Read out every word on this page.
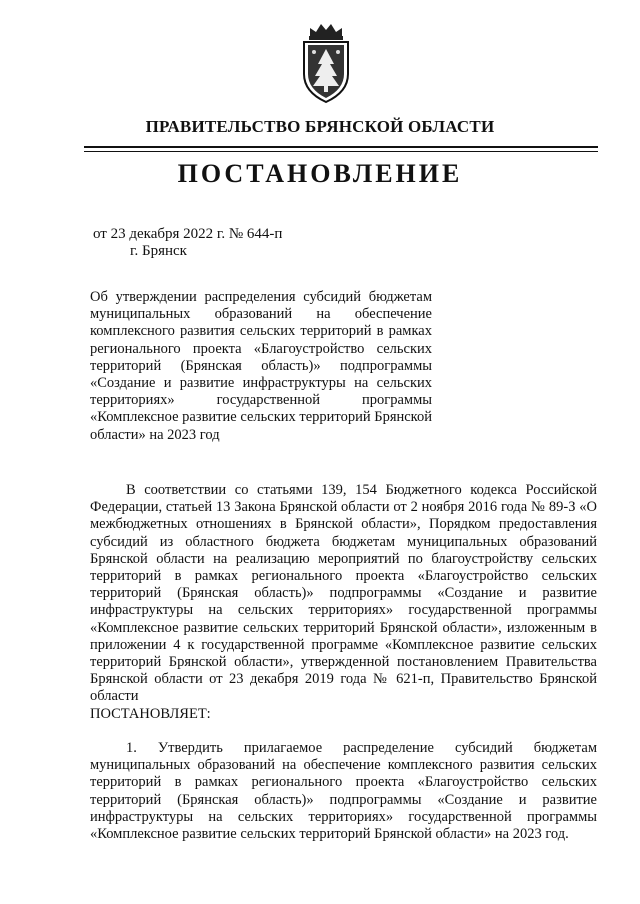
ПРАВИТЕЛЬСТВО БРЯНСКОЙ ОБЛАСТИ
ПОСТАНОВЛЕНИЕ
от 23 декабря 2022 г. № 644-п
г. Брянск
Об утверждении распределения субсидий бюджетам муниципальных образований на обеспечение комплексного развития сельских территорий в рамках регионального проекта «Благоустройство сельских территорий (Брянская область)» подпрограммы «Создание и развитие инфраструктуры на сельских территориях» государственной программы «Комплексное развитие сельских территорий Брянской области» на 2023 год
В соответствии со статьями 139, 154 Бюджетного кодекса Российской Федерации, статьей 13 Закона Брянской области от 2 ноября 2016 года № 89-З «О межбюджетных отношениях в Брянской области», Порядком предоставления субсидий из областного бюджета бюджетам муниципальных образований Брянской области на реализацию мероприятий по благоустройству сельских территорий в рамках регионального проекта «Благоустройство сельских территорий (Брянская область)» подпрограммы «Создание и развитие инфраструктуры на сельских территориях» государственной программы «Комплексное развитие сельских территорий Брянской области», изложенным в приложении 4 к государственной программе «Комплексное развитие сельских территорий Брянской области», утвержденной постановлением Правительства Брянской области от 23 декабря 2019 года № 621-п, Правительство Брянской области
ПОСТАНОВЛЯЕТ:
1. Утвердить прилагаемое распределение субсидий бюджетам муниципальных образований на обеспечение комплексного развития сельских территорий в рамках регионального проекта «Благоустройство сельских территорий (Брянская область)» подпрограммы «Создание и развитие инфраструктуры на сельских территориях» государственной программы «Комплексное развитие сельских территорий Брянской области» на 2023 год.
